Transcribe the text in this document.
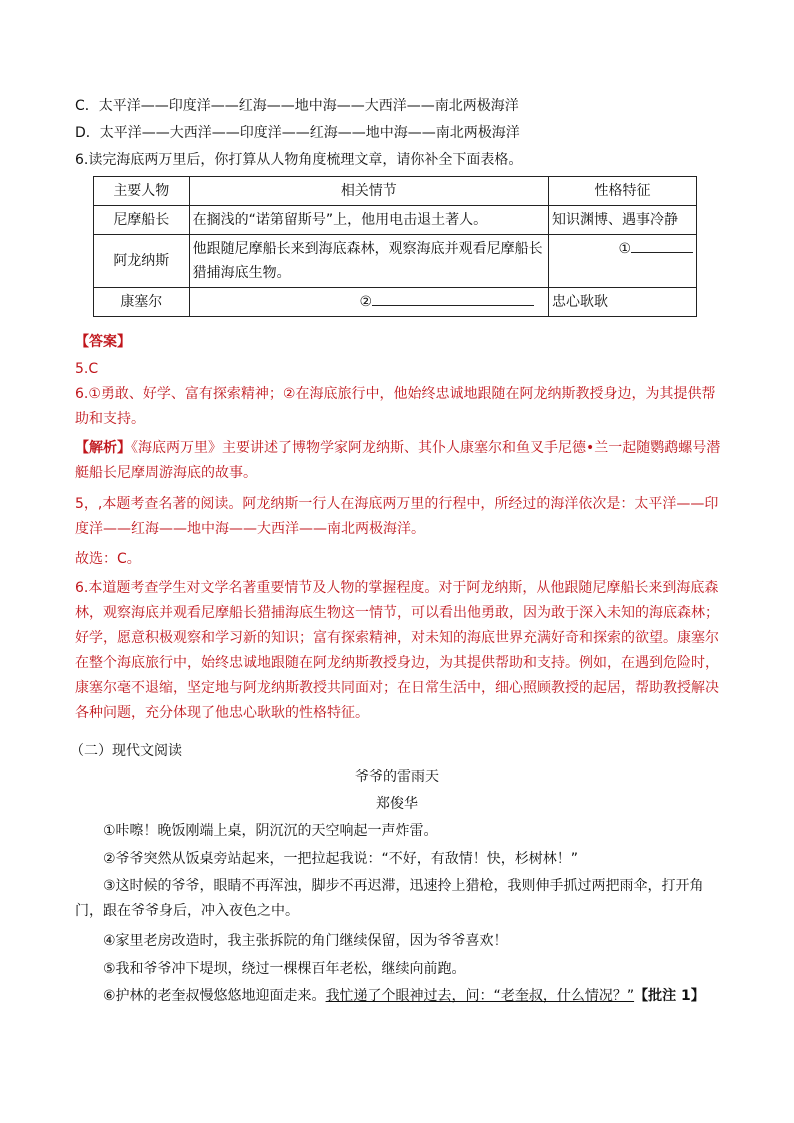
C．太平洋——印度洋——红海——地中海——大西洋——南北两极海洋
D．太平洋——大西洋——印度洋——红海——地中海——南北两极海洋
6.读完海底两万里后，你打算从人物角度梳理文章，请你补全下面表格。
主要人物	相关情节	性格特征
尼摩船长	在搁浅的“诺第留斯号”上，他用电击退土著人。	知识渊博、遇事冷静
阿龙纳斯	他跟随尼摩船长来到海底森林，观察海底并观看尼摩船长猎捕海底生物。	①
康塞尔	②	忠心耿耿
【答案】
5.C
6.①勇敢、好学、富有探索精神；②在海底旅行中，他始终忠诚地跟随在阿龙纳斯教授身边，为其提供帮助和支持。
【解析】《海底两万里》主要讲述了博物学家阿龙纳斯、其仆人康塞尔和鱼叉手尼德•兰一起随鹦鹉螺号潜艇船长尼摩周游海底的故事。
5，,本题考查名著的阅读。阿龙纳斯一行人在海底两万里的行程中，所经过的海洋依次是：太平洋——印度洋——红海——地中海——大西洋——南北两极海洋。
故选：C。
6.本道题考查学生对文学名著重要情节及人物的掌握程度。对于阿龙纳斯，从他跟随尼摩船长来到海底森林，观察海底并观看尼摩船长猎捕海底生物这一情节，可以看出他勇敢，因为敢于深入未知的海底森林；好学，愿意积极观察和学习新的知识；富有探索精神，对未知的海底世界充满好奇和探索的欲望。康塞尔在整个海底旅行中，始终忠诚地跟随在阿龙纳斯教授身边，为其提供帮助和支持。例如，在遇到危险时，康塞尔毫不退缩，坚定地与阿龙纳斯教授共同面对；在日常生活中，细心照顾教授的起居，帮助教授解决各种问题，充分体现了他忠心耿耿的性格特征。
（二）现代文阅读
爷爷的雷雨天
郑俊华
①咔嚓！晚饭刚端上桌，阴沉沉的天空响起一声炸雷。
②爷爷突然从饭桌旁站起来，一把拉起我说：“不好，有敌情！快，杉树林！”
③这时候的爷爷，眼睛不再浑浊，脚步不再迟滞，迅速拎上猎枪，我则伸手抓过两把雨伞，打开角门，跟在爷爷身后，冲入夜色之中。
④家里老房改造时，我主张拆院的角门继续保留，因为爷爷喜欢！
⑤我和爷爷冲下堤坝，绕过一棵棵百年老松，继续向前跑。
⑥护林的老奎叔慢悠悠地迎面走来。我忙递了个眼神过去，问：“老奎叔，什么情况？”【批注 1】
